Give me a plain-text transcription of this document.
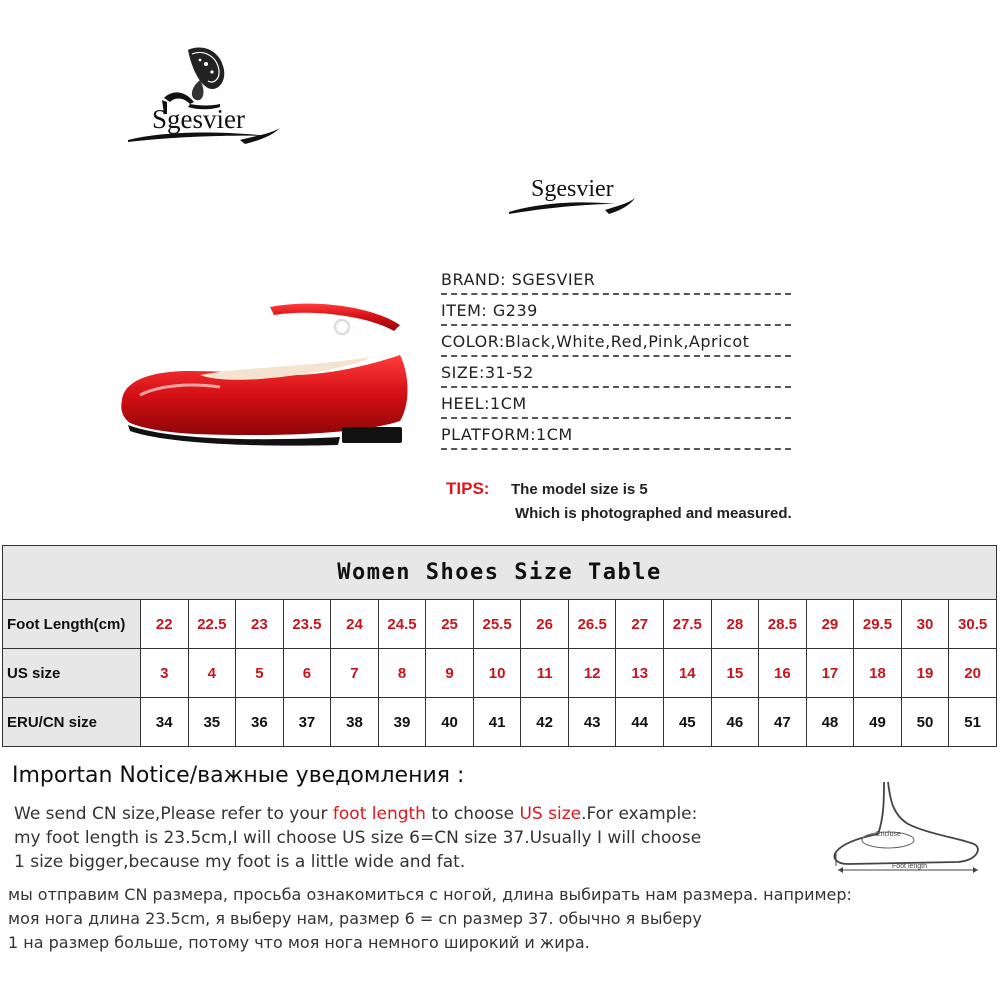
Sgesvier
Sgesvier
BRAND: SGESVIER
ITEM: G239
COLOR:Black,White,Red,Pink,Apricot
SIZE:31-52
HEEL:1CM
PLATFORM:1CM
TIPS: The model size is 5
Which is photographed and measured.
Women Shoes Size Table																		
Foot Length(cm)	22	22.5	23	23.5	24	24.5	25	25.5	26	26.5	27	27.5	28	28.5	29	29.5	30	30.5
US size	3	4	5	6	7	8	9	10	11	12	13	14	15	16	17	18	19	20
ERU/CN size	34	35	36	37	38	39	40	41	42	43	44	45	46	47	48	49	50	51
Importan Notice/важные уведомления :
We send CN size,Please refer to your foot length to choose US size.For example:
my foot length is 23.5cm,I will choose US size 6=CN size 37.Usually I will choose
1 size bigger,because my foot is a little wide and fat.
мы отправим CN размера, просьба ознакомиться с ногой, длина выбирать нам размера. например:
моя нога длина 23.5cm, я выберу нам, размер 6 = cn размер 37. обычно я выберу
1 на размер больше, потому что моя нога немного широкий и жира.
Enclose
Foot length
